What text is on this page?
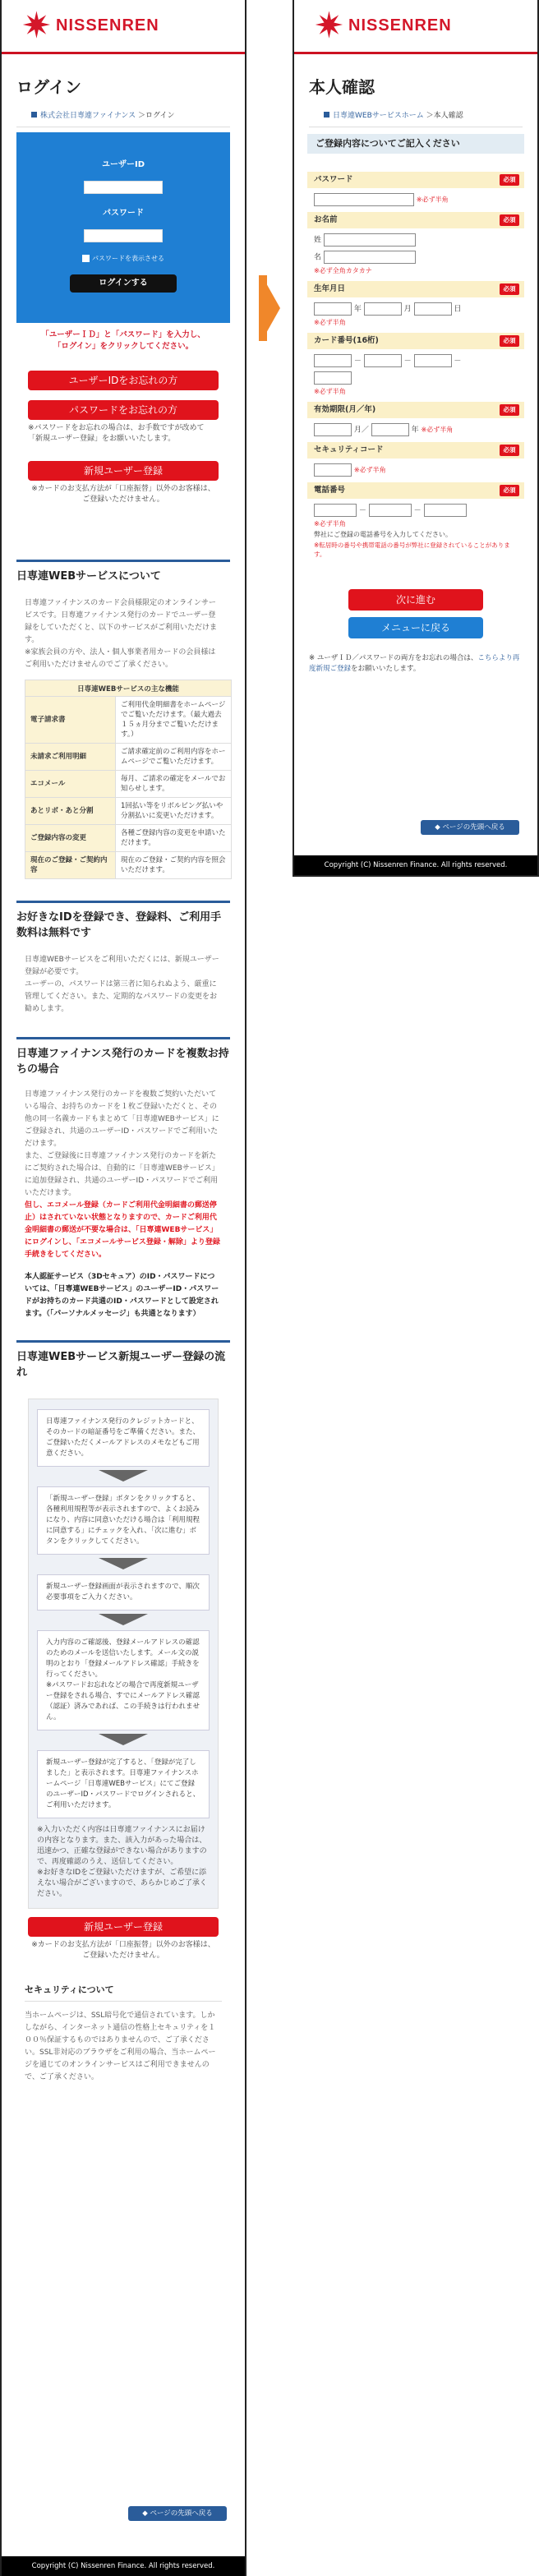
✷
NISSENREN
ログイン
株式会社日専連ファイナンス ＞ログイン
ユーザーID
パスワード
パスワードを表示させる
ログインする
「ユーザーＩＤ」と「パスワード」を入力し、
「ログイン」をクリックしてください。
ユーザーIDをお忘れの方
パスワードをお忘れの方
※パスワードをお忘れの場合は、お手数ですが改めて「新規ユーザー登録」をお願いいたします。
新規ユーザー登録
※カードのお支払方法が「口座振替」以外のお客様は、ご登録いただけません。
日専連WEBサービスについて
日専連ファイナンスのカード会員様限定のオンラインサービスです。日専連ファイナンス発行のカードでユーザー登録をしていただくと、以下のサービスがご利用いただけます。
※家族会員の方や、法人・個人事業者用カードの会員様はご利用いただけませんのでご了承ください。
日専連WEBサービスの主な機能	
電子請求書	ご利用代金明細書をホームページでご覧いただけます。（最大過去１５ヵ月分までご覧いただけます。）
未請求ご利用明細	ご請求確定前のご利用内容をホームページでご覧いただけます。
エコメール	毎月、ご請求の確定をメールでお知らせします。
あとリボ・あと分割	1回払い等をリボルビング払いや分割払いに変更いただけます。
ご登録内容の変更	各種ご登録内容の変更を申請いただけます。
現在のご登録・ご契約内容	現在のご登録・ご契約内容を照会いただけます。
お好きなIDを登録でき、登録料、ご利用手数料は無料です
日専連WEBサービスをご利用いただくには、新規ユーザー登録が必要です。
ユーザーの、パスワードは第三者に知られぬよう、厳重に管理してください。また、定期的なパスワードの変更をお勧めします。
日専連ファイナンス発行のカードを複数お持ちの場合
日専連ファイナンス発行のカードを複数ご契約いただいている場合、お持ちのカードを１枚ご登録いただくと、その他の同一名義カードもまとめて「日専連WEBサービス」にご登録され、共通のユーザーID・パスワードでご利用いただけます。
また、ご登録後に日専連ファイナンス発行のカードを新たにご契約された場合は、自動的に「日専連WEBサービス」に追加登録され、共通のユーザーID・パスワードでご利用いただけます。
但し、エコメール登録（カードご利用代金明細書の郵送停止）はされていない状態となりますので、カードご利用代金明細書の郵送が不要な場合は、「日専連WEBサービス」にログインし、「エコメールサービス登録・解除」より登録手続きをしてください。
本人認証サービス（3Dセキュア）のID・パスワードについては、「日専連WEBサービス」のユーザーID・パスワードがお持ちのカード共通のID・パスワードとして設定されます。（「パーソナルメッセージ」も共通となります）
日専連WEBサービス新規ユーザー登録の流れ
日専連ファイナンス発行のクレジットカードと、そのカードの暗証番号をご準備ください。また、ご登録いただくメールアドレスのメモなどもご用意ください。
「新規ユーザー登録」ボタンをクリックすると、各種利用規程等が表示されますので、よくお読みになり、内容に同意いただける場合は「利用規程に同意する」にチェックを入れ、「次に進む」ボタンをクリックしてください。
新規ユーザー登録画面が表示されますので、順次必要事項をご入力ください。
入力内容のご確認後、登録メールアドレスの確認のためのメールを送信いたします。メール文の説明のとおり「登録メールアドレス確認」手続きを行ってください。
※パスワードお忘れなどの場合で再度新規ユーザー登録をされる場合、すでにメールアドレス確認（認証）済みであれば、この手続きは行われません。
新規ユーザー登録が完了すると、「登録が完了しました」と表示されます。日専連ファイナンスホームページ「日専連WEBサービス」にてご登録のユーザーID・パスワードでログインされると、ご利用いただけます。
※入力いただく内容は日専連ファイナンスにお届けの内容となります。また、該入力があった場合は、迅速かつ、正確な登録ができない場合がありますので、再度確認のうえ、送信してください。
※お好きなIDをご登録いただけますが、ご希望に添えない場合がございますので、あらかじめご了承ください。
新規ユーザー登録
※カードのお支払方法が「口座振替」以外のお客様は、ご登録いただけません。
セキュリティについて
当ホームページは、SSL暗号化で通信されています。しかしながら、インターネット通信の性格上セキュリティを１００％保証するものではありませんので、ご了承ください。SSL非対応のブラウザをご利用の場合、当ホームページを通じてのオンラインサービスはご利用できませんので、ご了承ください。
◆ ページの先頭へ戻る
Copyright (C) Nissenren Finance. All rights reserved.
✷
NISSENREN
本人確認
日専連WEBサービスホーム ＞本人確認
ご登録内容についてご記入ください
パスワード	必須
※必ず半角
お名前	必須
姓
名
※必ず全角カタカナ
生年月日	必須
年	月	日
※必ず半角
カード番号(16桁)	必須
－	－	－
※必ず半角
有効期限(月／年)	必須
月／	年 ※必ず半角
セキュリティコード	必須
※必ず半角
電話番号	必須
－	－
※必ず半角
弊社にご登録の電話番号を入力してください。
※転居時の番号や携帯電話の番号が弊社に登録されていることがあります。
次に進む
メニューに戻る
※ ユーザＩＤ／パスワードの両方をお忘れの場合は、こちらより再度新規ご登録をお願いいたします。
◆ ページの先頭へ戻る
Copyright (C) Nissenren Finance. All rights reserved.
